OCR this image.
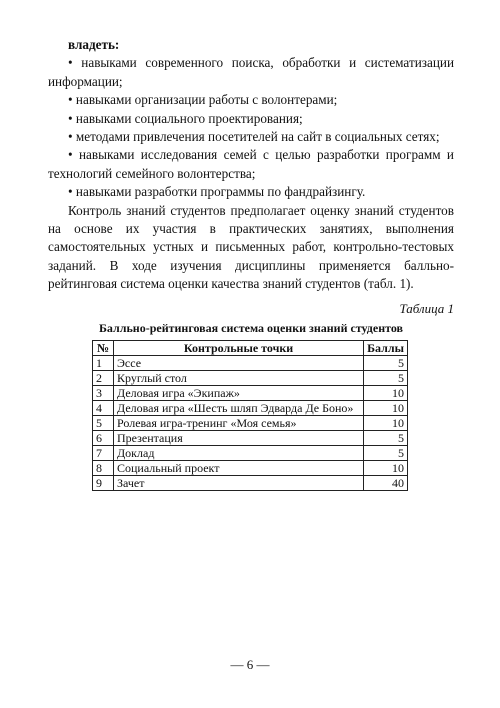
владеть:

• навыками современного поиска, обработки и систематизации информации;

• навыками организации работы с волонтерами;

• навыками социального проектирования;

• методами привлечения посетителей на сайт в социальных сетях;

• навыками исследования семей с целью разработки программ и технологий семейного волонтерства;

• навыками разработки программы по фандрайзингу.

Контроль знаний студентов предполагает оценку знаний студентов на основе их участия в практических занятиях, выполнения самостоятельных устных и письменных работ, контрольно-тестовых заданий. В ходе изучения дисциплины применяется балльно-рейтинговая система оценки качества знаний студентов (табл. 1).

Таблица 1

Балльно-рейтинговая система оценки знаний студентов

№	Контрольные точки	Баллы
1	Эссе	5
2	Круглый стол	5
3	Деловая игра «Экипаж»	10
4	Деловая игра «Шесть шляп Эдварда Де Боно»	10
5	Ролевая игра-тренинг «Моя семья»	10
6	Презентация	5
7	Доклад	5
8	Социальный проект	10
9	Зачет	40
— 6 —
